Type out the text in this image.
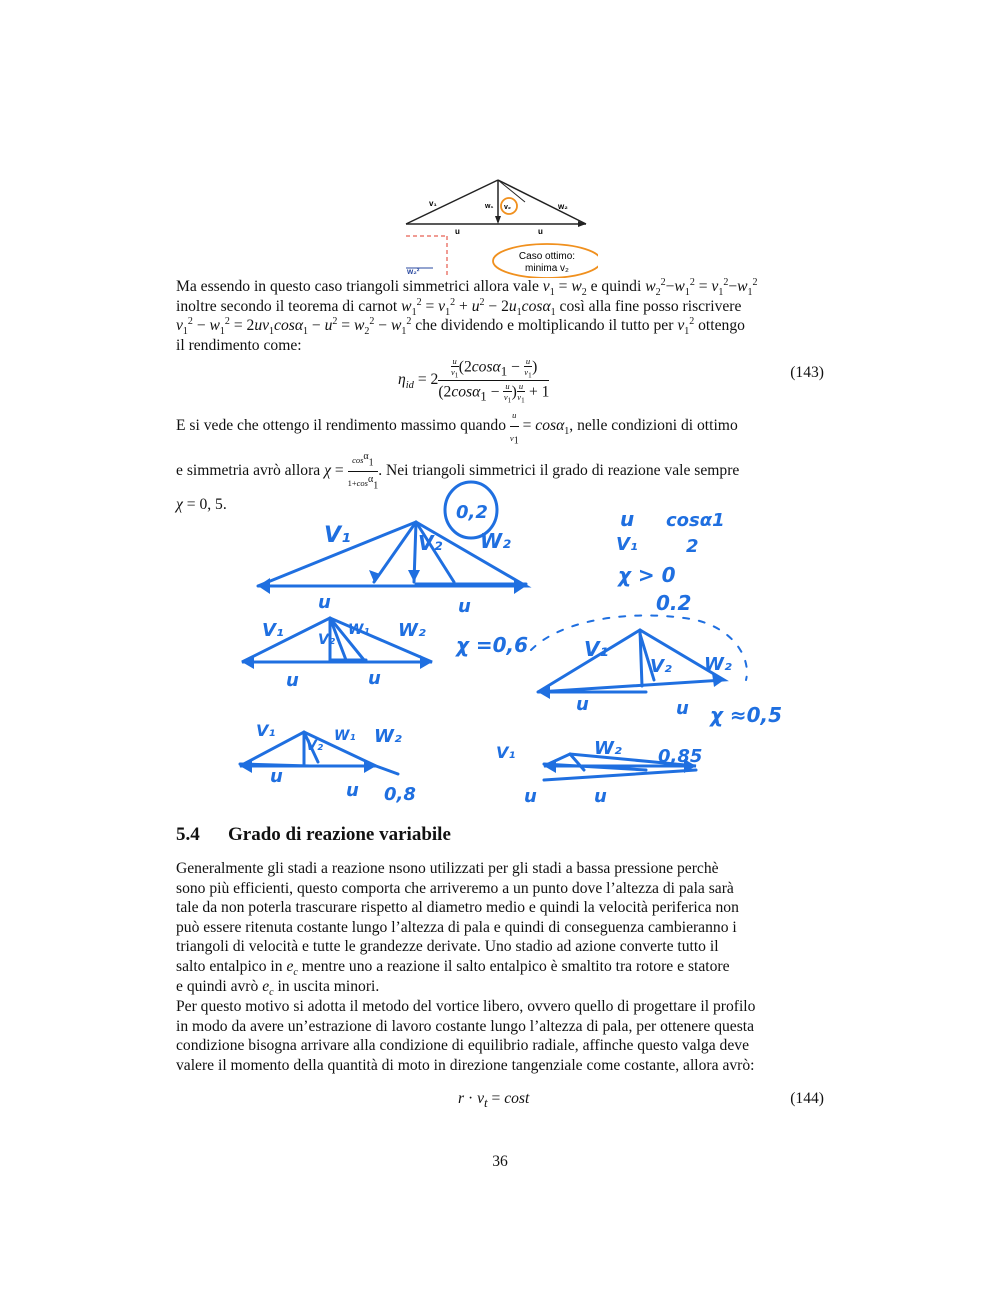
v₁	w₁ v₂	w₂
u	u
w₂²
Caso ottimo:
minima v₂
Ma essendo in questo caso triangoli simmetrici allora vale $v_1 = w_2$ e quindi $w_2^2-w_1^2 = v_1^2-w_1^2$
inoltre secondo il teorema di carnot $w_1^2 = v_1^2 + u^2 - 2u_1\cos\alpha_1$ così alla fine posso riscrivere
$v_1^2 - w_1^2 = 2uv_1\cos\alpha_1 - u^2 = w_2^2 - w_1^2$ che dividendo e moltiplicando il tutto per $v_1^2$ ottengo
il rendimento come:
$\eta_{id} = 2 \frac{\frac{u}{v_1} (2\cos\alpha_1 - \frac{u}{v_1} )}{(2\cos\alpha_1 - \frac{u}{v_1} ) \frac{u}{v_1} + 1}$	(143)
E si vede che ottengo il rendimento massimo quando $\frac{u}{v_1} = \cos\alpha_1$, nelle condizioni di ottimo
e simmetria avrò allora $\chi = \frac{\cos^\alpha_1}{1+\cos^\alpha_1}$ . Nei triangoli simmetrici il grado di reazione vale sempre
χ = 0, 5.
V₁	V₂ W₂
u	u
0,2	u
V₁
cosα1
2
χ > 0
0.2
V₁ V₂
W₁ W₂
u	u
χ =0,6	V₁
V₂ W₂
u	u χ ≈0,5
V₁
V₂
W₁ W₂
u
u 0,8
V₁	W₂
u	u
0,85
5.4 Grado di reazione variabile
Generalmente gli stadi a reazione nsono utilizzati per gli stadi a bassa pressione perchè
sono più efficienti, questo comporta che arriveremo a un punto dove l’altezza di pala sarà
tale da non poterla trascurare rispetto al diametro medio e quindi la velocità periferica non
può essere ritenuta costante lungo l’altezza di pala e quindi di conseguenza cambieranno i
triangoli di velocità e tutte le grandezze derivate. Uno stadio ad azione converte tutto il
salto entalpico in $e_c$ mentre uno a reazione il salto entalpico è smaltito tra rotore e statore
e quindi avrò $e_c$ in uscita minori.
Per questo motivo si adotta il metodo del vortice libero, ovvero quello di progettare il profilo
in modo da avere un’estrazione di lavoro costante lungo l’altezza di pala, per ottenere questa
condizione bisogna arrivare alla condizione di equilibrio radiale, affinche questo valga deve
valere il momento della quantità di moto in direzione tangenziale come costante, allora avrò:
$r \cdot v_t = \cos t$	(144)
36
